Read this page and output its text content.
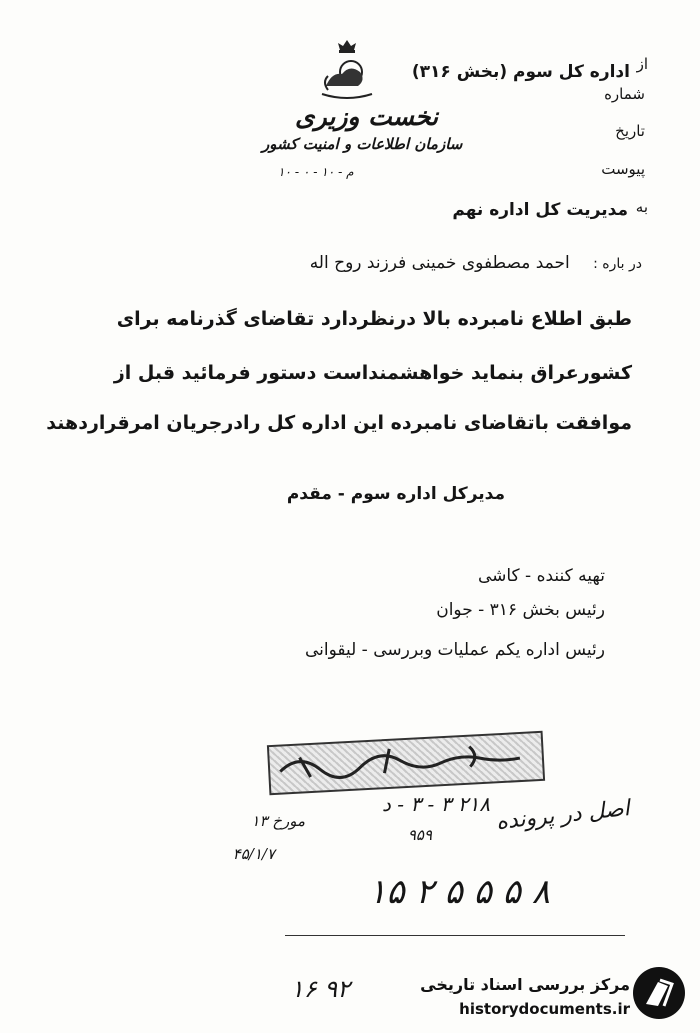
نخست وزیری
سازمان اطلاعات و امنیت کشور
م - ۱۰ - ۰ - ۱۰
از
اداره کل سوم (بخش ۳۱۶)
شماره
تاریخ
پیوست
به
مدیریت کل اداره نهم
در باره : احمد مصطفوی خمینی فرزند روح اله
طبق اطلاع نامبرده بالا درنظردارد تقاضای گذرنامه برای
کشورعراق بنماید خواهشمنداست دستور فرمائید قبل از
موافقت باتقاضای نامبرده این اداره کل رادرجریان امرقراردهند
مدیرکل اداره سوم - مقدم
تهیه کننده - کاشی
رئیس بخش ۳۱۶ - جوان
رئیس اداره یکم عملیات وبررسی - لیقوانی
۲۱۸ ۳ - ۳ - د
مورخ ۱۳
۹۵۹
۴۵/۱/۷
اصل در پرونده
۸ ۵ ۵ ۵ ۲ ۱۵
۹۲ ۱۶	مرکز بررسی اسناد تاریخی
historydocuments.ir
